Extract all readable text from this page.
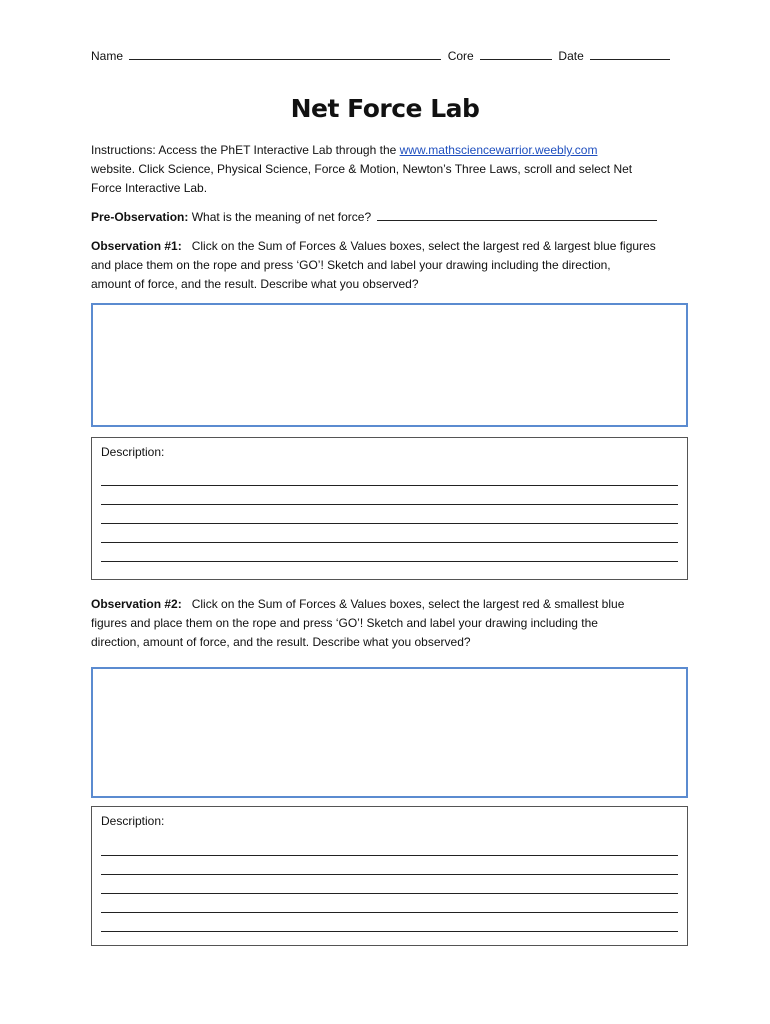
Name	Core	Date
Net Force Lab
Instructions: Access the PhET Interactive Lab through the www.mathsciencewarrior.weebly.com
website. Click Science, Physical Science, Force & Motion, Newton’s Three Laws, scroll and select Net
Force Interactive Lab.
Pre-Observation: What is the meaning of net force?
Observation #1: Click on the Sum of Forces & Values boxes, select the largest red & largest blue figures
and place them on the rope and press ‘GO’! Sketch and label your drawing including the direction,
amount of force, and the result. Describe what you observed?
Description:
Observation #2: Click on the Sum of Forces & Values boxes, select the largest red & smallest blue
figures and place them on the rope and press ‘GO’! Sketch and label your drawing including the
direction, amount of force, and the result. Describe what you observed?
Description:
